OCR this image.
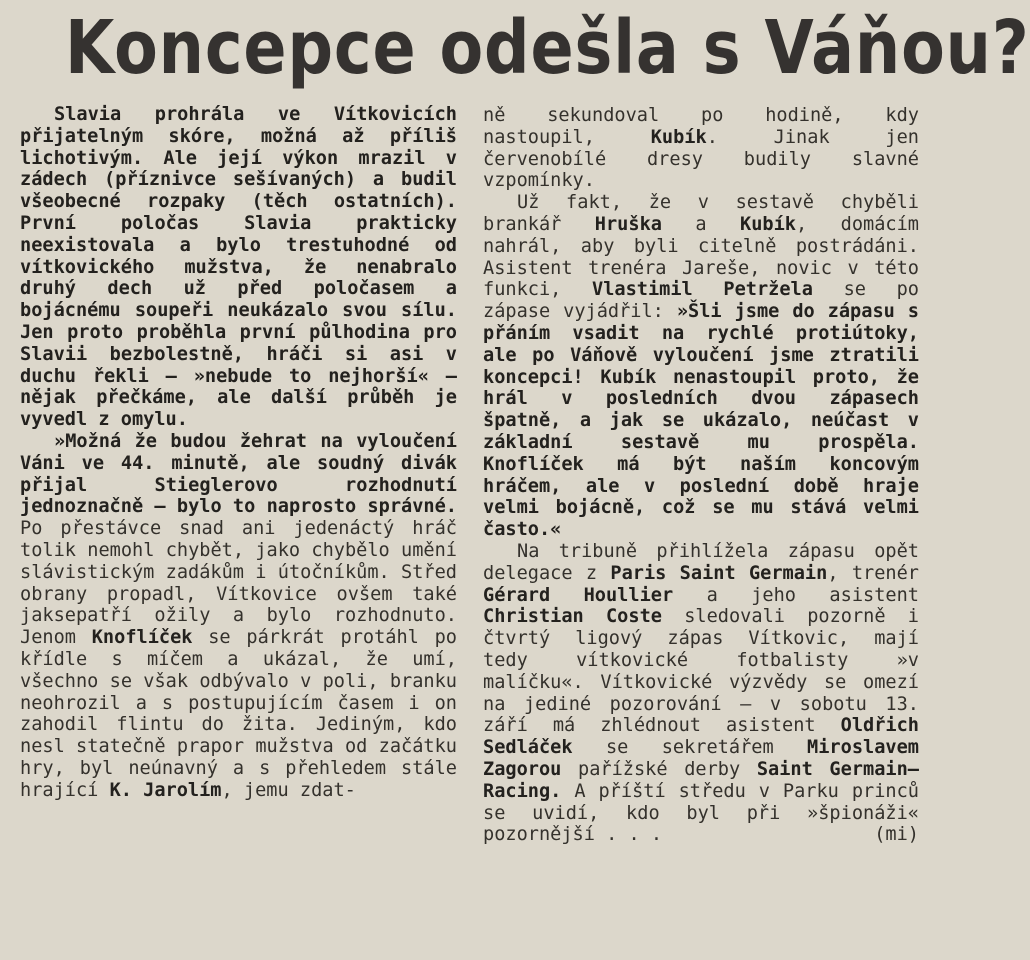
Koncepce odešla s Váňou?

Slavia prohrála ve Vítkovicích přijatelným skóre, možná až příliš lichotivým. Ale její výkon mrazil v zádech (příznivce sešívaných) a budil všeobecné rozpaky (těch ostatních). První poločas Slavia prakticky neexistovala a bylo trestuhodné od vítkovického mužstva, že nenabralo druhý dech už před poločasem a bojácnému soupeři neukázalo svou sílu. Jen proto proběhla první půlhodina pro Slavii bezbolestně, hráči si asi v duchu řekli — »nebude to nejhorší« — nějak přečkáme, ale další průběh je vyvedl z omylu.

»Možná že budou žehrat na vyloučení Váni ve 44. minutě, ale soudný divák přijal Stieglerovo rozhodnutí jednoznačně — bylo to naprosto správné. Po přestávce snad ani jedenáctý hráč tolik nemohl chybět, jako chybělo umění slávistickým zadákům i útočníkům. Střed obrany propadl, Vítkovice ovšem také jaksepatří ožily a bylo rozhodnuto. Jenom Knoflíček se párkrát protáhl po křídle s míčem a ukázal, že umí, všechno se však odbývalo v poli, branku neohrozil a s postupujícím časem i on zahodil flintu do žita. Jediným, kdo nesl statečně prapor mužstva od začátku hry, byl neúnavný a s přehledem stále hrající K. Jarolím, jemu zdat-

ně sekundoval po hodině, kdy nastoupil, Kubík. Jinak jen červenobílé dresy budily slavné vzpomínky.

Už fakt, že v sestavě chyběli brankář Hruška a Kubík, domácím nahrál, aby byli citelně postrádáni. Asistent trenéra Jareše, novic v této funkci, Vlastimil Petržela se po zápase vyjádřil: »Šli jsme do zápasu s přáním vsadit na rychlé protiútoky, ale po Váňově vyloučení jsme ztratili koncepci! Kubík nenastoupil proto, že hrál v posledních dvou zápasech špatně, a jak se ukázalo, neúčast v základní sestavě mu prospěla. Knoflíček má být naším koncovým hráčem, ale v poslední době hraje velmi bojácně, což se mu stává velmi často.«

Na tribuně přihlížela zápasu opět delegace z Paris Saint Germain, trenér Gérard Houllier a jeho asistent Christian Coste sledovali pozorně i čtvrtý ligový zápas Vítkovic, mají tedy vítkovické fotbalisty »v malíčku«. Vítkovické výzvědy se omezí na jediné pozorování — v sobotu 13. září má zhlédnout asistent Oldřich Sedláček se sekretářem Miroslavem Zagorou pařížské derby Saint Germain—Racing. A příští středu v Parku princů se uvidí, kdo byl při »špionáži« pozornější . . .	(mi)
